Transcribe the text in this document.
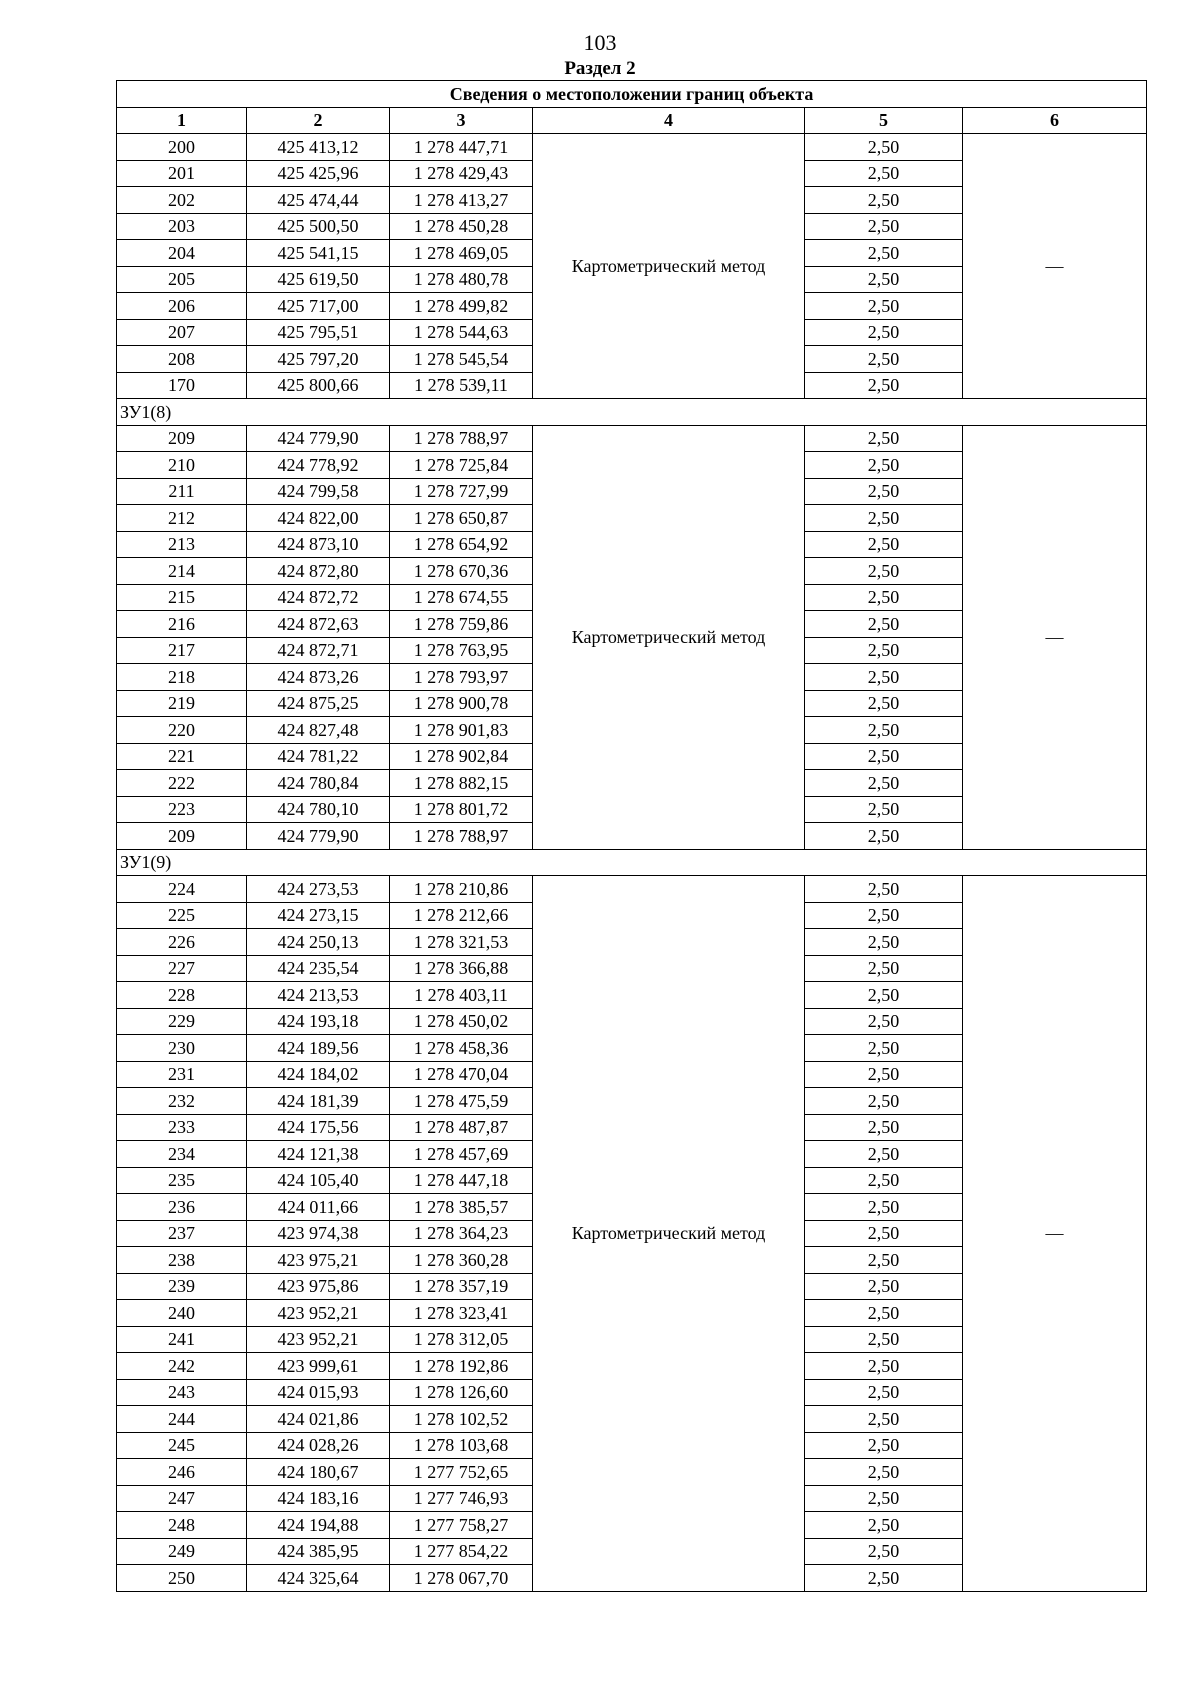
103
Раздел 2
Сведения о местоположении границ объекта					
1	2	3	4	5	6
200	425 413,12	1 278 447,71	Картометрический метод	2,50	—
201	425 425,96	1 278 429,43		2,50	
202	425 474,44	1 278 413,27		2,50	
203	425 500,50	1 278 450,28		2,50	
204	425 541,15	1 278 469,05		2,50	
205	425 619,50	1 278 480,78		2,50	
206	425 717,00	1 278 499,82		2,50	
207	425 795,51	1 278 544,63		2,50	
208	425 797,20	1 278 545,54		2,50	
170	425 800,66	1 278 539,11		2,50	
ЗУ1(8)					
209	424 779,90	1 278 788,97	Картометрический метод	2,50	—
210	424 778,92	1 278 725,84		2,50	
211	424 799,58	1 278 727,99		2,50	
212	424 822,00	1 278 650,87		2,50	
213	424 873,10	1 278 654,92		2,50	
214	424 872,80	1 278 670,36		2,50	
215	424 872,72	1 278 674,55		2,50	
216	424 872,63	1 278 759,86		2,50	
217	424 872,71	1 278 763,95		2,50	
218	424 873,26	1 278 793,97		2,50	
219	424 875,25	1 278 900,78		2,50	
220	424 827,48	1 278 901,83		2,50	
221	424 781,22	1 278 902,84		2,50	
222	424 780,84	1 278 882,15		2,50	
223	424 780,10	1 278 801,72		2,50	
209	424 779,90	1 278 788,97		2,50	
ЗУ1(9)					
224	424 273,53	1 278 210,86	Картометрический метод	2,50	—
225	424 273,15	1 278 212,66		2,50	
226	424 250,13	1 278 321,53		2,50	
227	424 235,54	1 278 366,88		2,50	
228	424 213,53	1 278 403,11		2,50	
229	424 193,18	1 278 450,02		2,50	
230	424 189,56	1 278 458,36		2,50	
231	424 184,02	1 278 470,04		2,50	
232	424 181,39	1 278 475,59		2,50	
233	424 175,56	1 278 487,87		2,50	
234	424 121,38	1 278 457,69		2,50	
235	424 105,40	1 278 447,18		2,50	
236	424 011,66	1 278 385,57		2,50	
237	423 974,38	1 278 364,23		2,50	
238	423 975,21	1 278 360,28		2,50	
239	423 975,86	1 278 357,19		2,50	
240	423 952,21	1 278 323,41		2,50	
241	423 952,21	1 278 312,05		2,50	
242	423 999,61	1 278 192,86		2,50	
243	424 015,93	1 278 126,60		2,50	
244	424 021,86	1 278 102,52		2,50	
245	424 028,26	1 278 103,68		2,50	
246	424 180,67	1 277 752,65		2,50	
247	424 183,16	1 277 746,93		2,50	
248	424 194,88	1 277 758,27		2,50	
249	424 385,95	1 277 854,22		2,50	
250	424 325,64	1 278 067,70		2,50	
